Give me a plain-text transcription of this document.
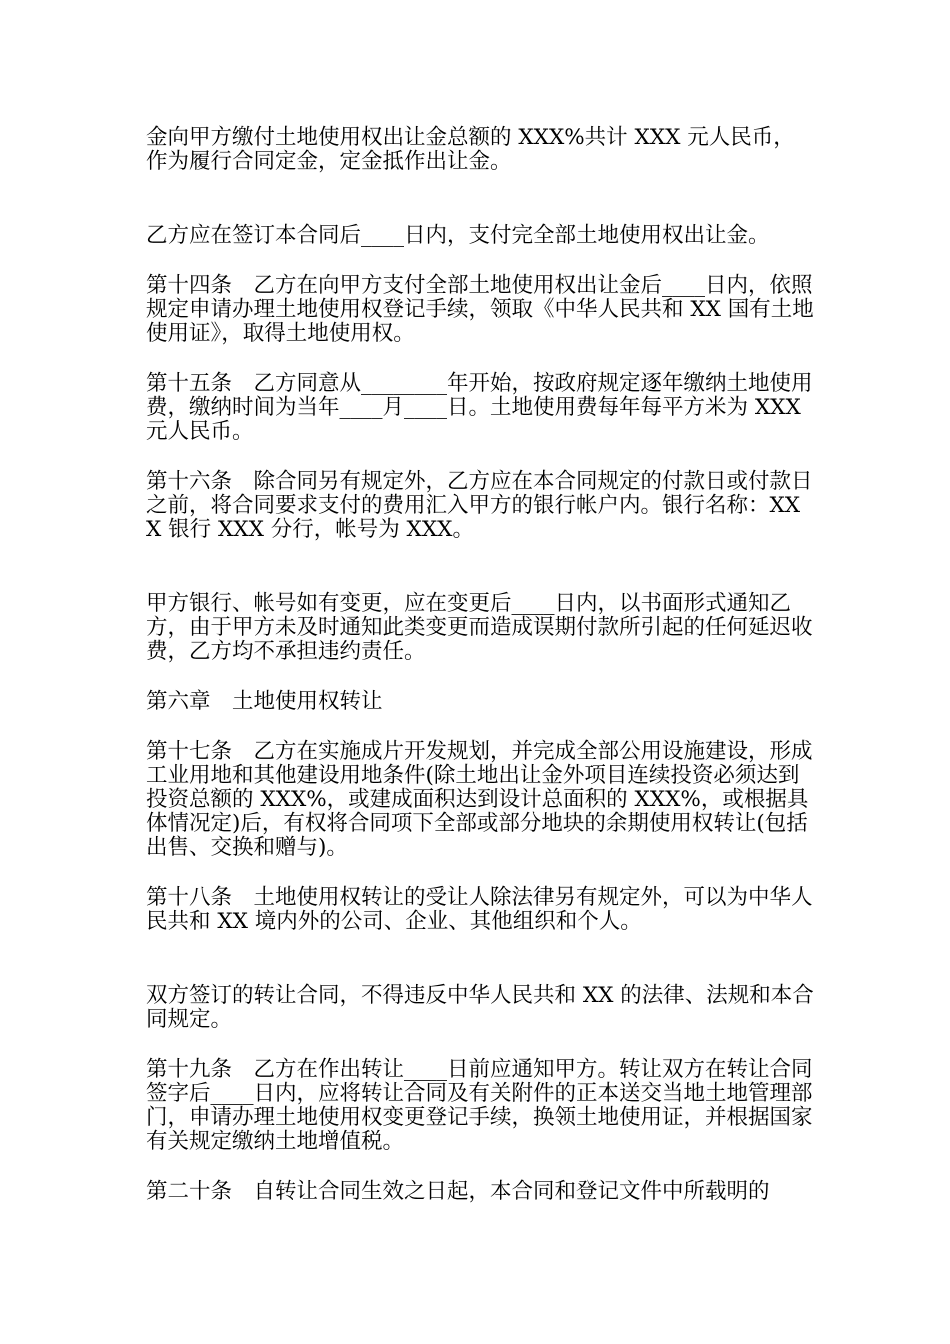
金向甲方缴付土地使用权出让金总额的 XXX%共计 XXX 元人民币，作为履行合同定金，定金抵作出让金。

乙方应在签订本合同后____日内，支付完全部土地使用权出让金。

第十四条　乙方在向甲方支付全部土地使用权出让金后____日内，依照规定申请办理土地使用权登记手续，领取《中华人民共和 XX 国有土地使用证》，取得土地使用权。

第十五条　乙方同意从________年开始，按政府规定逐年缴纳土地使用费，缴纳时间为当年____月____日。土地使用费每年每平方米为 XXX 元人民币。

第十六条　除合同另有规定外，乙方应在本合同规定的付款日或付款日之前，将合同要求支付的费用汇入甲方的银行帐户内。银行名称：XXX 银行 XXX 分行，帐号为 XXX。

甲方银行、帐号如有变更，应在变更后____日内，以书面形式通知乙方，由于甲方未及时通知此类变更而造成误期付款所引起的任何延迟收费，乙方均不承担违约责任。

第六章　土地使用权转让

第十七条　乙方在实施成片开发规划，并完成全部公用设施建设，形成工业用地和其他建设用地条件(除土地出让金外项目连续投资必须达到投资总额的 XXX%，或建成面积达到设计总面积的 XXX%，或根据具体情况定)后，有权将合同项下全部或部分地块的余期使用权转让(包括出售、交换和赠与)。

第十八条　土地使用权转让的受让人除法律另有规定外，可以为中华人民共和 XX 境内外的公司、企业、其他组织和个人。

双方签订的转让合同，不得违反中华人民共和 XX 的法律、法规和本合同规定。

第十九条　乙方在作出转让____日前应通知甲方。转让双方在转让合同签字后____日内，应将转让合同及有关附件的正本送交当地土地管理部门，申请办理土地使用权变更登记手续，换领土地使用证，并根据国家有关规定缴纳土地增值税。

第二十条　自转让合同生效之日起，本合同和登记文件中所载明的
